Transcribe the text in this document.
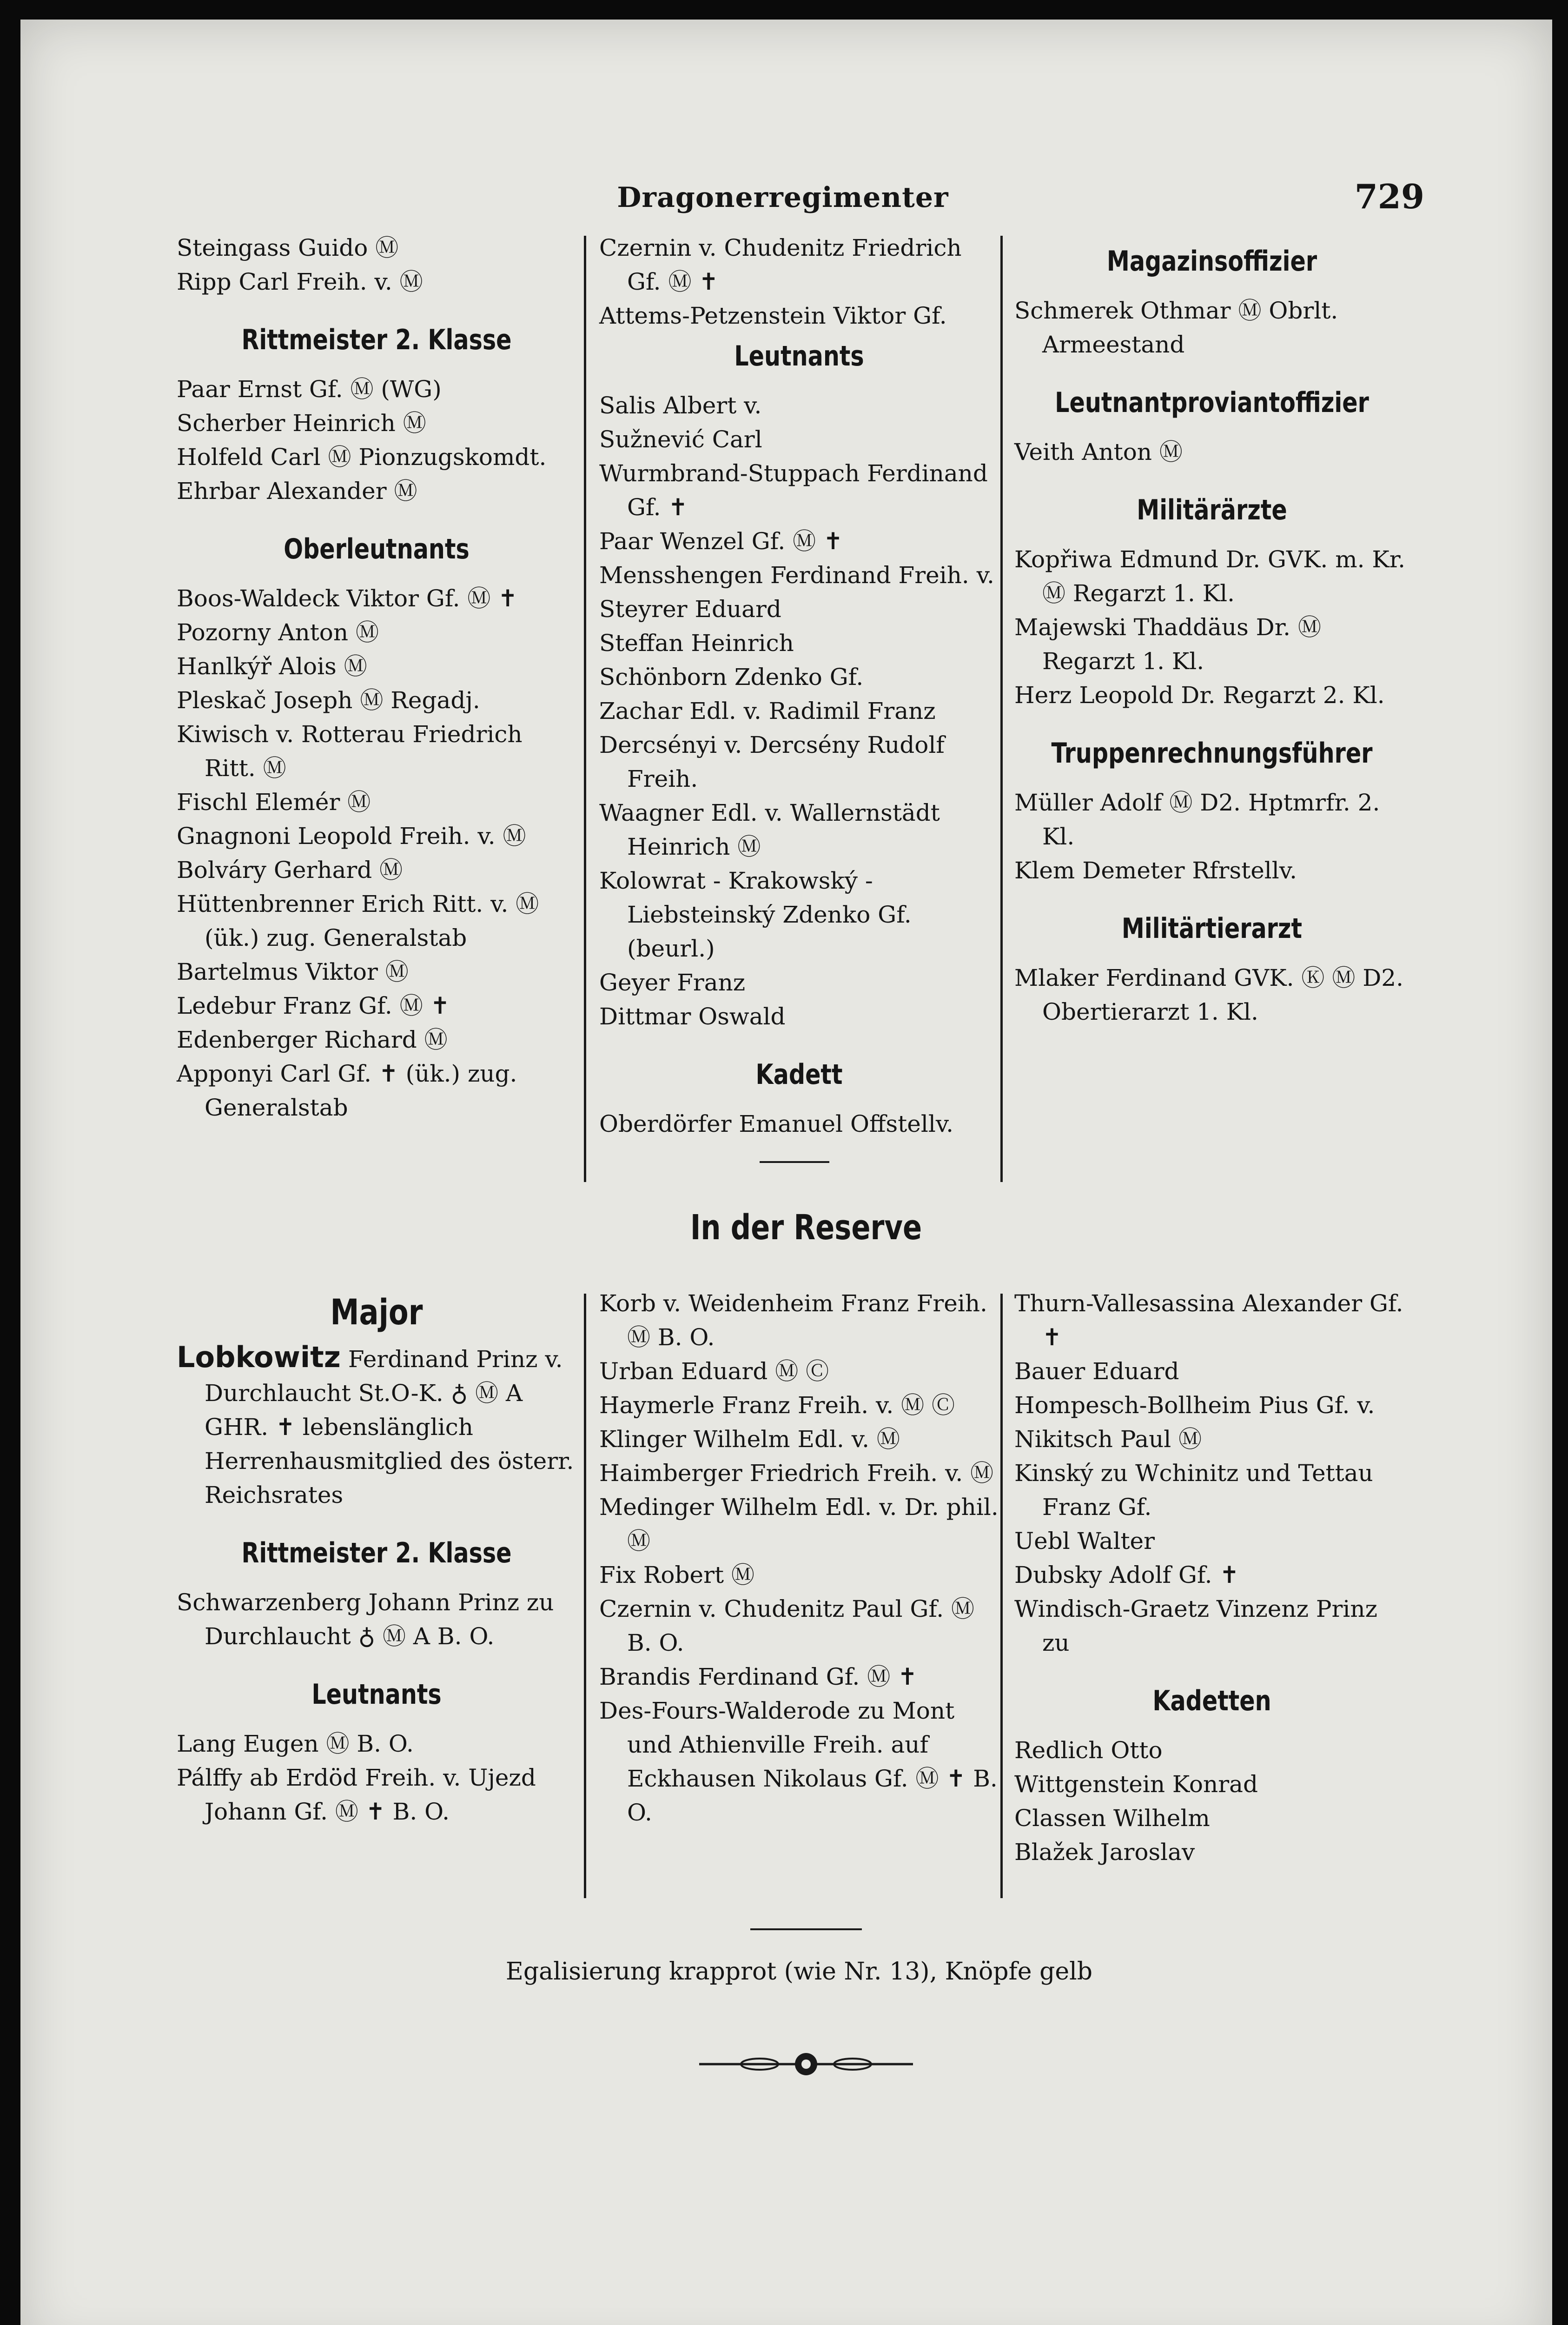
Dragonerregimenter	729

Steingass Guido Ⓜ

Ripp Carl Freih. v. Ⓜ

Rittmeister 2. Klasse

Paar Ernst Gf. Ⓜ (WG)

Scherber Heinrich Ⓜ

Holfeld Carl Ⓜ Pionzugskomdt.

Ehrbar Alexander Ⓜ

Oberleutnants

Boos-Waldeck Viktor Gf. Ⓜ ✝

Pozorny Anton Ⓜ

Hanlkýř Alois Ⓜ

Pleskač Joseph Ⓜ Regadj.

Kiwisch v. Rotterau Friedrich Ritt. Ⓜ

Fischl Elemér Ⓜ

Gnagnoni Leopold Freih. v. Ⓜ

Bolváry Gerhard Ⓜ

Hüttenbrenner Erich Ritt. v. Ⓜ (ük.) zug. Generalstab

Bartelmus Viktor Ⓜ

Ledebur Franz Gf. Ⓜ ✝

Edenberger Richard Ⓜ

Apponyi Carl Gf. ✝ (ük.) zug. Generalstab

Czernin v. Chudenitz Friedrich Gf. Ⓜ ✝

Attems-Petzenstein Viktor Gf.

Leutnants

Salis Albert v.

Sužnević Carl

Wurmbrand-Stuppach Ferdinand Gf. ✝

Paar Wenzel Gf. Ⓜ ✝

Mensshengen Ferdinand Freih. v.

Steyrer Eduard

Steffan Heinrich

Schönborn Zdenko Gf.

Zachar Edl. v. Radimil Franz

Dercsényi v. Dercsény Rudolf Freih.

Waagner Edl. v. Wallernstädt Heinrich Ⓜ

Kolowrat - Krakowský - Liebsteinský Zdenko Gf. (beurl.)

Geyer Franz

Dittmar Oswald

Kadett

Oberdörfer Emanuel Offstellv.

Magazinsoffizier

Schmerek Othmar Ⓜ Obrlt. Armeestand

Leutnantproviantoffizier

Veith Anton Ⓜ

Militärärzte

Kopřiwa Edmund Dr. GVK. m. Kr. Ⓜ Regarzt 1. Kl.

Majewski Thaddäus Dr. Ⓜ Regarzt 1. Kl.

Herz Leopold Dr. Regarzt 2. Kl.

Truppenrechnungsführer

Müller Adolf Ⓜ D2. Hptmrfr. 2. Kl.

Klem Demeter Rfrstellv.

Militärtierarzt

Mlaker Ferdinand GVK. Ⓚ Ⓜ D2. Obertierarzt 1. Kl.

In der Reserve
Major

Lobkowitz Ferdinand Prinz v. Durchlaucht St.O-K. ♁ Ⓜ A GHR. ✝ lebenslänglich Herrenhausmitglied des österr. Reichsrates

Rittmeister 2. Klasse

Schwarzenberg Johann Prinz zu Durchlaucht ♁ Ⓜ A B. O.

Leutnants

Lang Eugen Ⓜ B. O.

Pálffy ab Erdöd Freih. v. Ujezd Johann Gf. Ⓜ ✝ B. O.

Korb v. Weidenheim Franz Freih. Ⓜ B. O.

Urban Eduard Ⓜ Ⓒ

Haymerle Franz Freih. v. Ⓜ Ⓒ

Klinger Wilhelm Edl. v. Ⓜ

Haimberger Friedrich Freih. v. Ⓜ

Medinger Wilhelm Edl. v. Dr. phil. Ⓜ

Fix Robert Ⓜ

Czernin v. Chudenitz Paul Gf. Ⓜ B. O.

Brandis Ferdinand Gf. Ⓜ ✝

Des-Fours-Walderode zu Mont und Athienville Freih. auf Eckhausen Nikolaus Gf. Ⓜ ✝ B. O.

Thurn-Vallesassina Alexander Gf. ✝

Bauer Eduard

Hompesch-Bollheim Pius Gf. v.

Nikitsch Paul Ⓜ

Kinský zu Wchinitz und Tettau Franz Gf.

Uebl Walter

Dubsky Adolf Gf. ✝

Windisch-Graetz Vinzenz Prinz zu

Kadetten

Redlich Otto

Wittgenstein Konrad

Classen Wilhelm

Blažek Jaroslav

Egalisierung krapprot (wie Nr. 13), Knöpfe gelb
